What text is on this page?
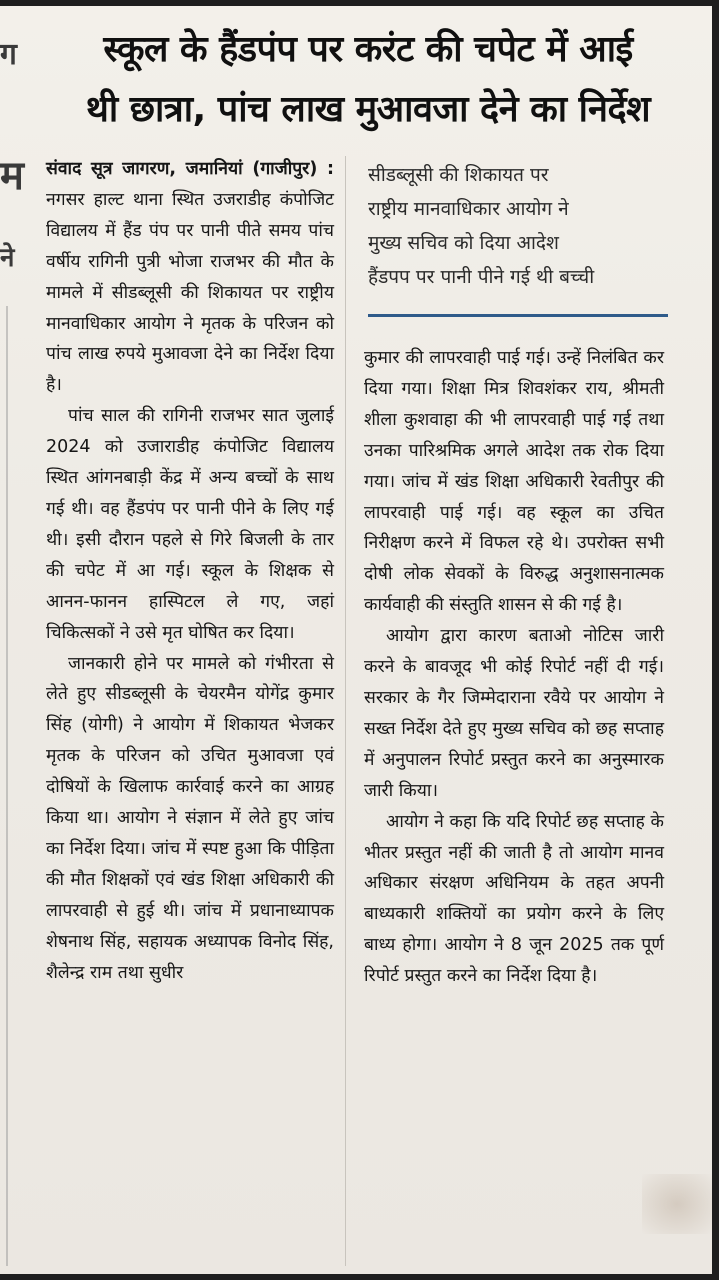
ग
म
ने
स्कूल के हैंडपंप पर करंट की चपेट में आई
थी छात्रा, पांच लाख मुआवजा देने का निर्देश

संवाद सूत्र जागरण, जमानियां (गाजीपुर) : नगसर हाल्ट थाना स्थित उजराडीह कंपोजिट विद्यालय में हैंड पंप पर पानी पीते समय पांच वर्षीय रागिनी पुत्री भोजा राजभर की मौत के मामले में सीडब्लूसी की शिकायत पर राष्ट्रीय मानवाधिकार आयोग ने मृतक के परिजन को पांच लाख रुपये मुआवजा देने का निर्देश दिया है।

पांच साल की रागिनी राजभर सात जुलाई 2024 को उजाराडीह कंपोजिट विद्यालय स्थित आंगनबाड़ी केंद्र में अन्य बच्चों के साथ गई थी। वह हैंडपंप पर पानी पीने के लिए गई थी। इसी दौरान पहले से गिरे बिजली के तार की चपेट में आ गई। स्कूल के शिक्षक से आनन-फानन हास्पिटल ले गए, जहां चिकित्सकों ने उसे मृत घोषित कर दिया।

जानकारी होने पर मामले को गंभीरता से लेते हुए सीडब्लूसी के चेयरमैन योगेंद्र कुमार सिंह (योगी) ने आयोग में शिकायत भेजकर मृतक के परिजन को उचित मुआवजा एवं दोषियों के खिलाफ कार्रवाई करने का आग्रह किया था। आयोग ने संज्ञान में लेते हुए जांच का निर्देश दिया। जांच में स्पष्ट हुआ कि पीड़िता की मौत शिक्षकों एवं खंड शिक्षा अधिकारी की लापरवाही से हुई थी। जांच में प्रधानाध्यापक शेषनाथ सिंह, सहायक अध्यापक विनोद सिंह, शैलेन्द्र राम तथा सुधीर

सीडब्लूसी की शिकायत पर
राष्ट्रीय मानवाधिकार आयोग ने
मुख्य सचिव को दिया आदेश
हैंडपप पर पानी पीने गई थी बच्ची

कुमार की लापरवाही पाई गई। उन्हें निलंबित कर दिया गया। शिक्षा मित्र शिवशंकर राय, श्रीमती शीला कुशवाहा की भी लापरवाही पाई गई तथा उनका पारिश्रमिक अगले आदेश तक रोक दिया गया। जांच में खंड शिक्षा अधिकारी रेवतीपुर की लापरवाही पाई गई। वह स्कूल का उचित निरीक्षण करने में विफल रहे थे। उपरोक्त सभी दोषी लोक सेवकों के विरुद्ध अनुशासनात्मक कार्यवाही की संस्तुति शासन से की गई है।

आयोग द्वारा कारण बताओ नोटिस जारी करने के बावजूद भी कोई रिपोर्ट नहीं दी गई। सरकार के गैर जिम्मेदाराना रवैये पर आयोग ने सख्त निर्देश देते हुए मुख्य सचिव को छह सप्ताह में अनुपालन रिपोर्ट प्रस्तुत करने का अनुस्मारक जारी किया।

आयोग ने कहा कि यदि रिपोर्ट छह सप्ताह के भीतर प्रस्तुत नहीं की जाती है तो आयोग मानव अधिकार संरक्षण अधिनियम के तहत अपनी बाध्यकारी शक्तियों का प्रयोग करने के लिए बाध्य होगा। आयोग ने 8 जून 2025 तक पूर्ण रिपोर्ट प्रस्तुत करने का निर्देश दिया है।
